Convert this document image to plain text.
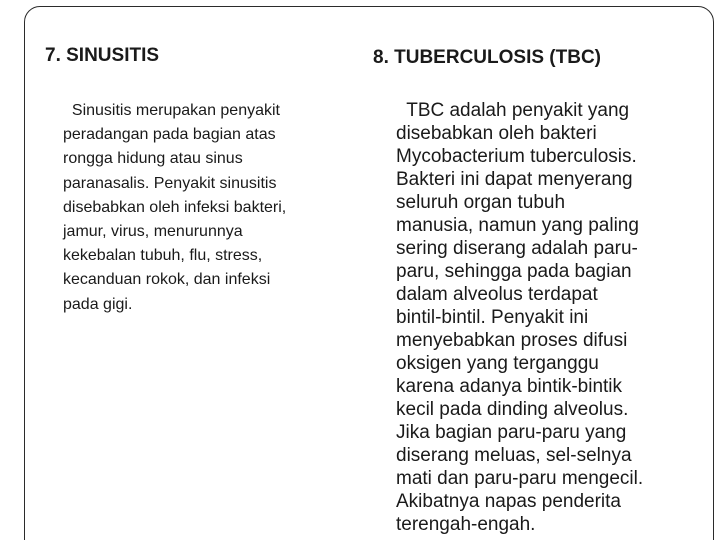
7. SINUSITIS

Sinusitis merupakan penyakit
peradangan pada bagian atas
rongga hidung atau sinus
paranasalis. Penyakit sinusitis
disebabkan oleh infeksi bakteri,
jamur, virus, menurunnya
kekebalan tubuh, flu, stress,
kecanduan rokok, dan infeksi
pada gigi.

8. TUBERCULOSIS (TBC)

TBC adalah penyakit yang
disebabkan oleh bakteri
Mycobacterium tuberculosis.
Bakteri ini dapat menyerang
seluruh organ tubuh
manusia, namun yang paling
sering diserang adalah paru-
paru, sehingga pada bagian
dalam alveolus terdapat
bintil-bintil. Penyakit ini
menyebabkan proses difusi
oksigen yang terganggu
karena adanya bintik-bintik
kecil pada dinding alveolus.
Jika bagian paru-paru yang
diserang meluas, sel-selnya
mati dan paru-paru mengecil.
Akibatnya napas penderita
terengah-engah.
